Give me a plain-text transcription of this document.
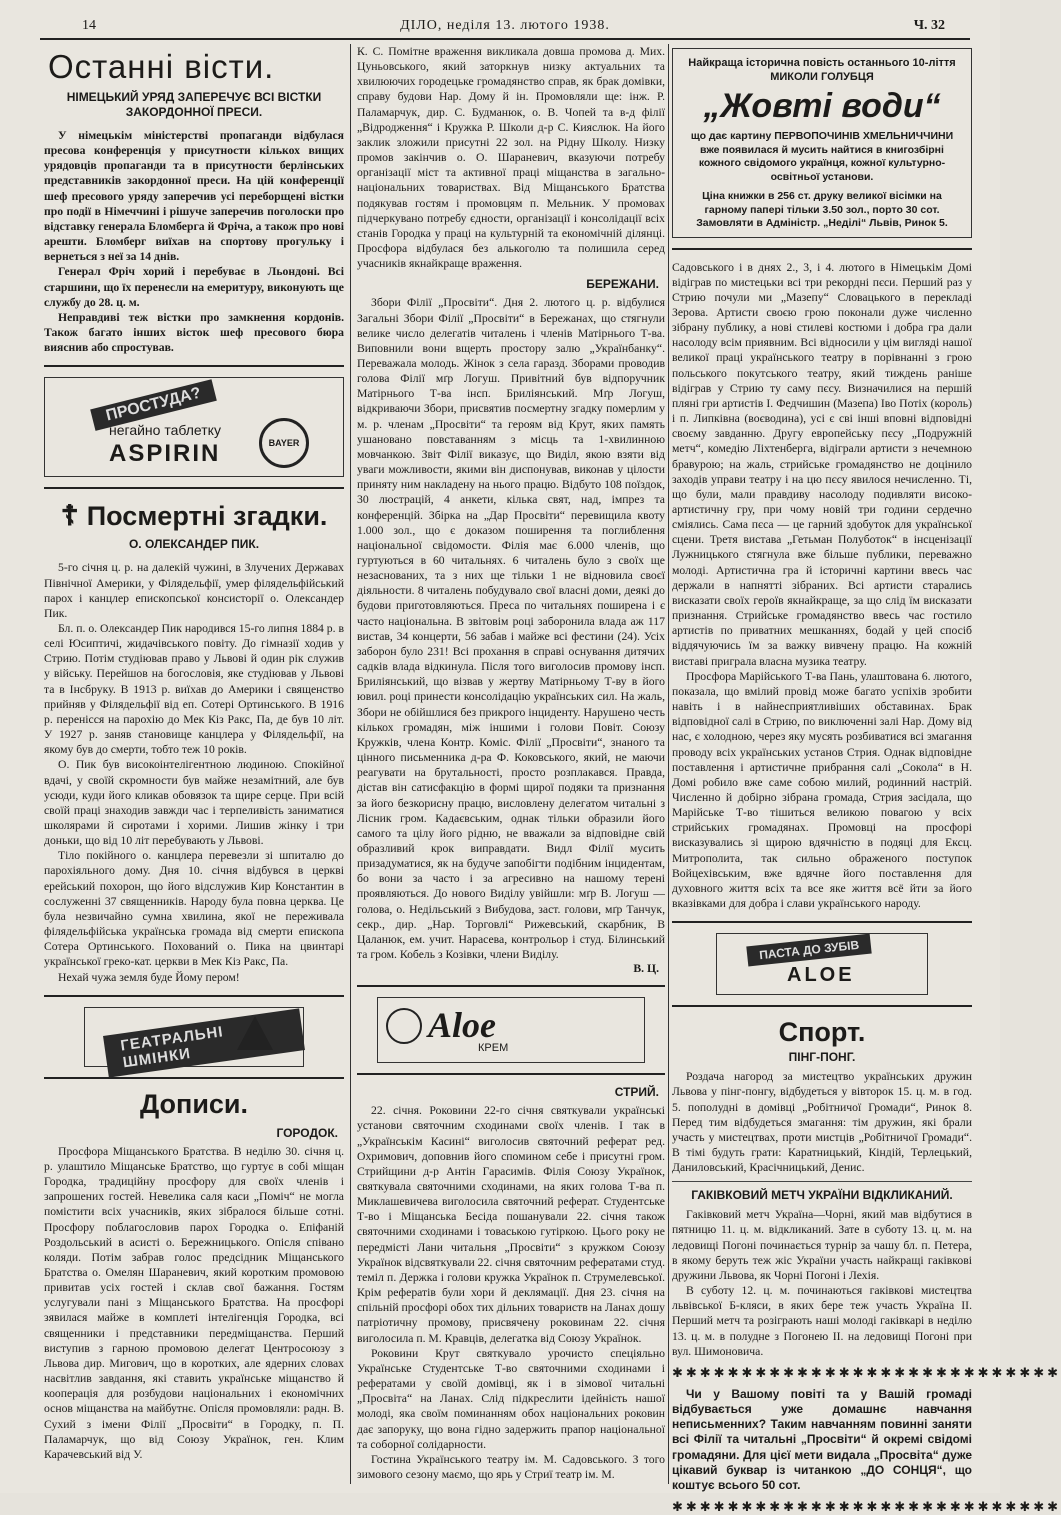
14	ДІЛО, неділя 13. лютого 1938.	Ч. 32
Останні вісти.
НІМЕЦЬКИЙ УРЯД ЗАПЕРЕЧУЄ ВСІ ВІСТКИ ЗАКОРДОННОЇ ПРЕСИ.

У німецькім міністерстві пропаганди відбулася пресова конференція у присутности кількох вищих урядовців пропаганди та в присутности берлінських представників закордонної преси. На цій конференції шеф пресового уряду заперечив усі переборщені вістки про події в Німеччині і рішуче заперечив поголоски про відставку генерала Бломберга й Фріча, а також про нові арешти. Бломберг виїхав на спортову прогульку і вернеться з неї за 14 днів.

Генерал Фріч хорий і перебуває в Льондоні. Всі старшини, що їх перенесли на емеритуру, виконують ще службу до 28. ц. м.

Неправдиві теж вістки про замкнення кордонів. Також багато інших вісток шеф пресового бюра вияснив або спростував.

ПРОСТУДА?
негайно таблетку
ASPIRIN	BAYER
☦ Посмертні згадки.
О. ОЛЕКСАНДЕР ПИК.

5-го січня ц. р. на далекій чужині, в Злучених Державах Північної Америки, у Філядельфії, умер філядельфійський парох і канцлер епископської консисторії о. Олександер Пик.

Бл. п. о. Олександер Пик народився 15-го липня 1884 р. в селі Юсиптичі, жидачівського повіту. До гімназії ходив у Стрию. Потім студіював право у Львові й один рік служив у війську. Перейшов на богословія, яке студіював у Львові та в Інсбруку. В 1913 р. виїхав до Америки і священство прийняв у Філядельфії від еп. Сотері Ортинського. В 1916 р. перенісся на парохію до Мек Кіз Ракс, Па, де був 10 літ. У 1927 р. заняв становище канцлера у Філядельфії, на якому був до смерти, тобто теж 10 років.

О. Пик був високоінтелігентною людиною. Спокійної вдачі, у своїй скромности був майже незамітний, але був усюди, куди його кликав обовязок та щире серце. При всій своїй праці знаходив завжди час і терпеливість заниматися школярами й сиротами і хорими. Лишив жінку і три доньки, що від 10 літ перебувають у Львові.

Тіло покійного о. канцлера перевезли зі шпиталю до парохіяльного дому. Дня 10. січня відбувся в церкві ерейський похорон, що його відслужив Кир Константин в сослуженні 37 священників. Народу була повна церква. Це була незвичайно сумна хвилина, якої не переживала філядельфійська українська громада від смерти епископа Сотера Ортинського. Похований о. Пика на цвинтарі української греко-кат. церкви в Мек Кіз Ракс, Па.

Нехай чужа земля буде Йому пером!

ГЕАТРАЛЬНІ ШМІНКИ
Дописи.
ГОРОДОК.

Просфора Міщанського Братства. В неділю 30. січня ц. р. улаштило Міщанське Братство, що гуртує в собі міщан Городка, традиційну просфору для своїх членів і запрошених гостей. Невелика саля каси „Поміч“ не могла помістити всіх учасників, яких зібралося більше сотні. Просфору поблагословив парох Городка о. Епіфаній Роздольський в асисті о. Бережницького. Опісля співано коляди. Потім забрав голос пpедсідник Міщанського Братства о. Омелян Шараневич, який коротким промовою привитав усіх гостей і склав свої бажання. Гостям услугували пані з Міщанського Братства. На просфорі зявилася майже в комплеті інтелігенція Городка, всі священники і представники передміщанства. Перший виступив з гарною промовою делегат Центросоюзу з Львова дир. Мигович, що в коротких, але ядерних словах насвітлив завдання, які ставить українське міщанство й кооперація для розбудови національних і економічних основ міщанства на майбутнє. Опісля промовляли: радн. В. Сухий з імени Філії „Просвіти“ в Городку, п. П. Паламарчук, що від Союзу Українок, ген. Клим Карачевський від У.

К. С. Помітне враження викликала довша промова д. Мих. Цуньовського, який заторкнув низку актуальних та хвилюючих городецьке громадянство справ, як брак домівки, справу будови Нар. Дому й ін. Промовляли ще: інж. Р. Паламарчук, дир. С. Будманюк, о. В. Чопей та в-д філії „Відродження“ і Кружка Р. Школи д-р С. Кияслюк. На його заклик зложили присутні 22 зол. на Рідну Школу. Низку промов закінчив о. О. Шараневич, вказуючи потребу організації міст та активної праці міщанства в загально-національних товариствах. Від Міщанського Братства подякував гостям і промовцям п. Мельник. У промовах підчеркувано потребу єдности, організації і консолідації всіх станів Городка у праці на культурній та економічній ділянці. Просфора відбулася без алькоголю та полишила серед учасників якнайкраще враження.

БЕРЕЖАНИ.

Збори Філії „Просвіти“. Дня 2. лютого ц. р. відбулися Загальні Збори Філії „Просвіти“ в Бережанах, що стягнули велике число делегатів читалень і членів Матірнього Т-ва. Виповнили вони вщерть простору залю „Українбанку“. Переважала молодь. Жінок з села гаразд. Зборами проводив голова Філії мґр Логуш. Привітний був відпоручник Матірнього Т-ва інсп. Бриліянський. Мґр Логуш, відкриваючи Збори, присвятив посмертну згадку померлим у м. р. членам „Просвіти“ та героям від Крут, яких память ушановано повставанням з місць та 1-хвилинною мовчанкою. Звіт Філії виказує, що Виділ, якою взяти від уваги можливости, якими він диспонував, виконав у цілости приняту ним накладену на нього працю. Відбуто 108 поїздок, 30 люстрацій, 4 анкети, кілька свят, над, імпрез та конференцій. Збірка на „Дар Просвіти“ перевищила квоту 1.000 зол., що є доказом поширення та поглиблення національної свідомости. Філія має 6.000 членів, що гуртуються в 60 читальнях. 6 читалень було з своїх ще незаснованих, та з них ще тільки 1 не відновила своєї діяльности. 8 читалень побудувало свої власні доми, деякі до будови приготовляються. Преса по читальнях поширена і є часто національна. В звітовім році заборонила влада аж 117 вистав, 34 концерти, 56 забав і майже всі фестини (24). Усіх заборон було 231! Всі прохання в справі оснування дитячих садків влада відкинула. Після того виголосив промову інсп. Бриліянський, що візвав у жертву Матірньому Т-ву в його ювил. році принести консолідацію українських сил. На жаль, Збори не обійшлися без прикрого інциденту. Нарушено честь кількох громадян, між іншими і голови Повіт. Союзу Кружків, члена Контр. Коміс. Філії „Просвіти“, знаного та цінного письменника д-ра Ф. Коковського, який, не маючи реагувати на брутальності, просто розплакався. Правда, дістав він сатисфакцію в формі щирої подяки та признання за його безкорисну працю, висловлену делегатом читальні з Лісник гром. Кадаєвським, однак тільки образили його самого та цілу його рідню, не вважали за відповідне свій образливий крок виправдати. Видл Філії мусить призадуматися, як на будуче запобігти подібним інцидентам, бо вони за часто і за агресивно на нашому теренi проявляються. До нового Виділу увійшли: мґр В. Логуш — голова, о. Недільський з Вибудова, заст. голови, мґр Танчук, секр., дир. „Нар. Торговлі“ Рижевський, скарбник, В Цаланюк, ем. учит. Нарасева, контрольор і студ. Білинський та гром. Кобель з Козівки, члени Виділу.

В. Ц.
Aloe
КРЕМ
СТРИЙ.

22. січня. Роковини 22-го січня святкували українські установи святочним сходинами своїх членів. І так в „Українськім Касині“ виголосив святочний реферат ред. Охримович, доповнив його спомином себе і присутні гром. Стрийщини д-р Антін Гарасимів. Філія Союзу Українок, святкувала святочними сходинами, на яких голова Т-ва п. Миклашевичева виголосила святочний реферат. Студентське Т-во і Міщанська Бесіда пошанували 22. січня також святочними сходинами і товаською гутіркою. Цього року не передмістi Лани читальня „Просвіти“ з кружком Союзу Українок відсвяткували 22. січня святочним рефератами студ. теміл п. Держка і голови кружка Українок п. Струмелевської. Крім рефератів були хори й деклямації. Дня 23. січня на спільній просфорі обох тих дільних товариств на Ланах дошу патріотичну промову, присвячену роковинам 22. січня виголосила п. М. Кравців, делегатка від Союзу Українок.

Роковини Крут святкувало урочисто спеціяльно Українське Студентське Т-во святочними сходинами і рефератами у своїй домівці, як і в зімової читальні „Просвіта“ на Ланах. Слід підкреслити ідейність нашої молоді, яка своїм поминанням обох національних роковин дає запоруку, що вона гідно задержить прапор національної та соборної солідарности.

Гостина Українського театру ім. М. Садовського. З того зимового сезону маємо, що ярь у Стриї театр ім. М.

Найкраща історична повість останнього 10-ліття
МИКОЛИ ГОЛУБЦЯ
„Жовті води“
що дає картину ПЕРВОПОЧИНІВ ХМЕЛЬНИЧЧИНИ вже появилася й мусить найтися в книгозбірні кожного свідомого українця, кожної культурно-освітньої установи.
Ціна книжки в 256 ст. друку великої вісімки на гарному папері тільки 3.50 зол., порто 30 сот. Замовляти в Адміністр. „Неділі“ Львів, Ринок 5.

Садовського і в днях 2., 3, і 4. лютого в Німецькім Домі відіграв по мистецьки всі три рекордні пєси. Перший раз у Стрию почули ми „Мазепу“ Словацького в перекладі Зерова. Артисти своєю грою поконали дуже численно зібрану публику, а нові стилеві костюми і добра гра дали насолоду всім приявним. Всі відносили у цім вигляді нашої великої праці українського театру в порівнанні з грою польського покутського театру, який тиждень раніше відіграв у Стрию ту саму пєсу. Визначилися на першій пляні гри артистів І. Федчишин (Мазепа) Іво Потіх (король) і п. Липківна (воєводина), усі є сві інші вповні відповідні своєму завданню. Другу европейську пєсу „Подружній метч“, комедію Ліхтенберга, відіграли артисти з нечемною бравурою; на жаль, стрийське громадянство не доцінило заходів управи театру і на цю пєсу явилося нечисленно. Ті, що були, мали правдиву насолоду подивляти високо-артистичну гру, при чому новій три години сердечно сміялись. Сама пєса — це гарний здобуток для української сцени. Третя вистава „Гетьман Полуботок“ в інсценізації Лужницького стягнула вже більше публики, переважно молоді. Артистична гра й історичні картини ввесь час держали в напнятті зібраних. Всі артисти старались висказати своїх героїв якнайкраще, за що слід їм висказати признання. Стрийське громадянство ввесь час гостило артистів по приватних мешканнях, бодай у цей спосіб віддячуючись їм за важку вивчену працю. На кожній виставі приграла власна музика театру.

Просфора Марійського Т-ва Пань, улаштована 6. лютого, показала, що вмілий провід може багато успіхів зробити навіть і в найнесприятливіших обставинах. Брак відповідної салі в Стрию, по виключенні залі Нар. Дому від нас, є холодною, через яку мусять розбиватися всі змагання проводу всіх українських установ Стрия. Однак відповідне поставлення і артистичне прибрання салі „Сокола“ в Н. Домі робило вже саме собою милий, родинний настрій. Численно й добірно зібрана громада, Стрия засідала, що Марійське Т-во тішиться великою повагою у всіх стрийських громадянах. Промовці на просфорі висказувались зі щирою вдячністю в подяці для Ексц. Митрополита, так сильно ображеного поступок Войцехівським, вже вдячне його поставлення для духовного життя всіх та все яке життя всё йти за його вказівками для добра і слави українського народу.

ПАСТА ДО ЗУБІВ
ALOE
Спорт.
ПІНГ-ПОНГ.

Роздача нагород за мистецтво українських дружин Львова у пінг-понгу, відбудеться у вівторок 15. ц. м. в год. 5. пополудні в домівці „Робітничої Громади“, Ринок 8. Перед тим відбудеться змагання: тім дружин, які брали участь у мистецтвах, проти мистців „Робітничої Громади“. В тімі будуть грати: Каратницький, Кіндій, Терлецький, Даниловський, Красічницький, Денис.

ГАКІВКОВИЙ МЕТЧ УКРАЇНИ ВІДКЛИКАНИЙ.

Гаківковий метч Україна—Чорні, який мав відбутися в пятницю 11. ц. м. відкликаний. Зате в суботу 13. ц. м. на ледовищі Погоні починається турнір за чашу бл. п. Петера, в якому беруть теж жіс України участь найкращі гаківкові дружини Львова, як Чорні Погоні і Лехія.

В суботу 12. ц. м. починаються гаківкові мистецтва львівської Б-кляси, в яких бере теж участь Україна II. Перший метч та розіграють наші молоді гаківкарі в неділю 13. ц. м. в полудне з Погонею II. на ледовищі Погоні при вул. Шимоновича.

✱✱✱✱✱✱✱✱✱✱✱✱✱✱✱✱✱✱✱✱✱✱✱✱✱✱✱✱

Чи у Вашому повіті та у Вашій громаді відбувається уже домашнє навчання неписьменних? Таким навчанням повинні заняти всі Філії та читальні „Просвіти“ й окремі свідомі громадяни. Для цієї мети видала „Просвіта“ дуже цікавий буквар із читанкою „ДО СОНЦЯ“, що коштує всього 50 сот.

✱✱✱✱✱✱✱✱✱✱✱✱✱✱✱✱✱✱✱✱✱✱✱✱✱✱✱✱
